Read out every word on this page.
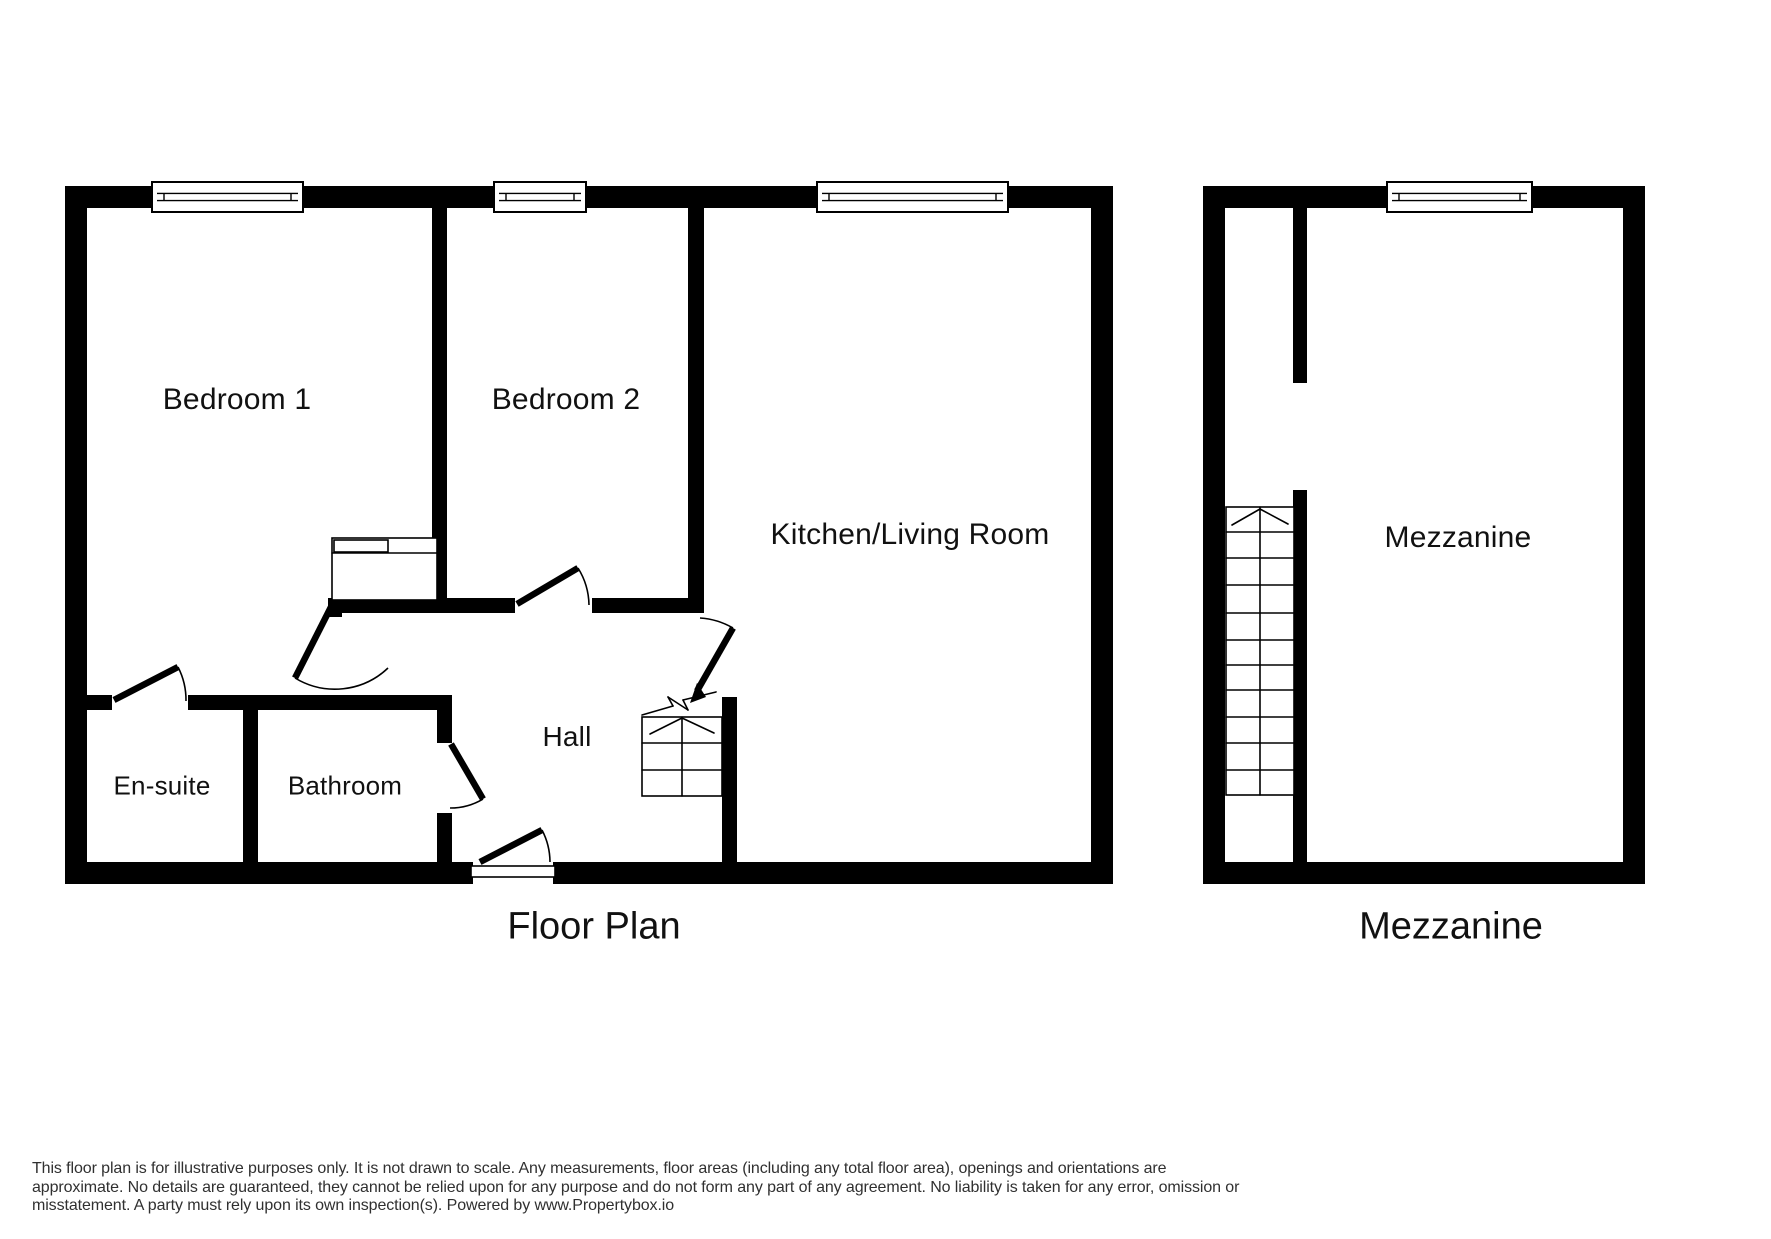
Bedroom 1	Bedroom 2
Kitchen/Living Room
Hall
En-suite	Bathroom
Mezzanine
Floor Plan	Mezzanine
This floor plan is for illustrative purposes only. It is not drawn to scale. Any measurements, floor areas (including any total floor area), openings and orientations are
approximate. No details are guaranteed, they cannot be relied upon for any purpose and do not form any part of any agreement. No liability is taken for any error, omission or
misstatement. A party must rely upon its own inspection(s). Powered by www.Propertybox.io
